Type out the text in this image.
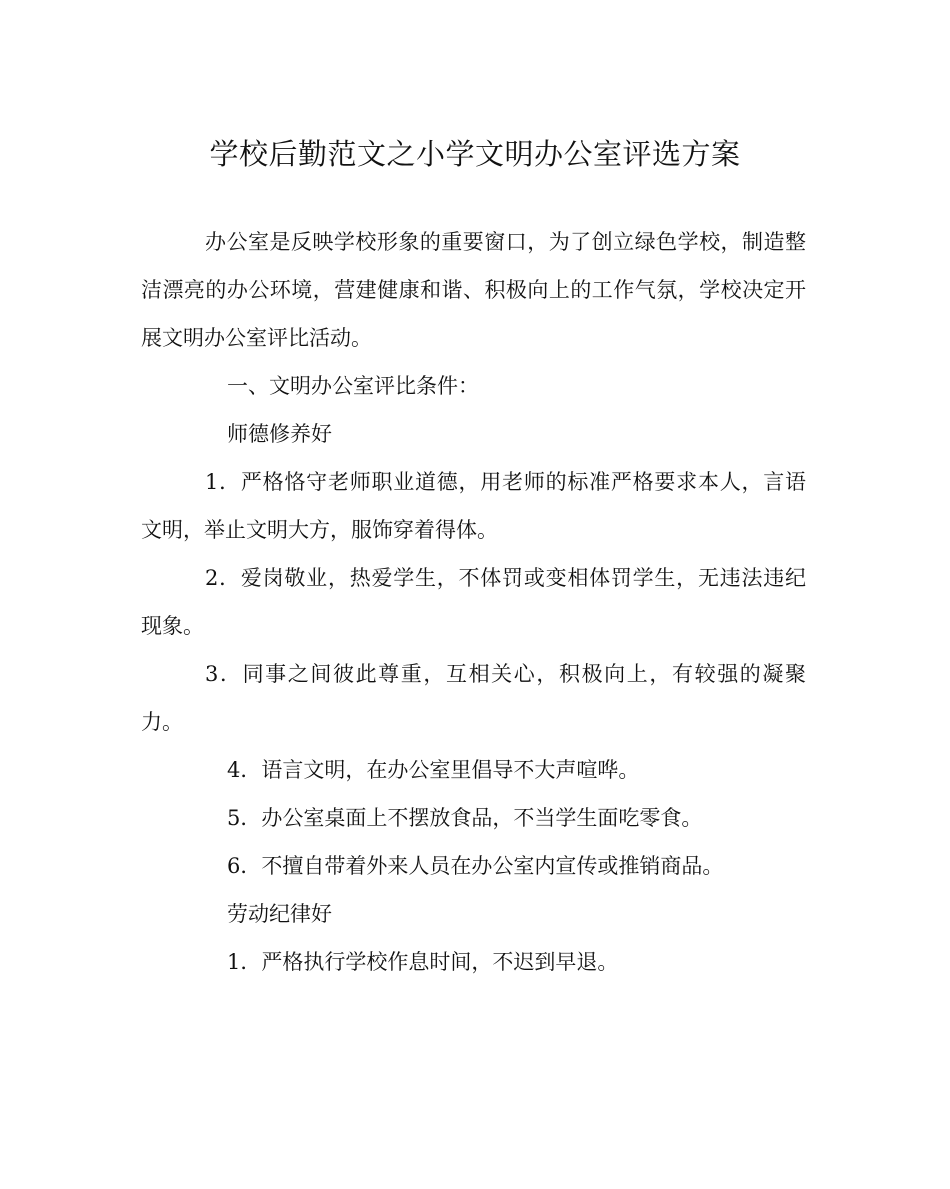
学校后勤范文之小学文明办公室评选方案

办公室是反映学校形象的重要窗口，为了创立绿色学校，制造整洁漂亮的办公环境，营建健康和谐、积极向上的工作气氛，学校决定开展文明办公室评比活动。

一、文明办公室评比条件：

师德修养好

1．严格恪守老师职业道德，用老师的标准严格要求本人，言语文明，举止文明大方，服饰穿着得体。

2．爱岗敬业，热爱学生，不体罚或变相体罚学生，无违法违纪现象。

3．同事之间彼此尊重，互相关心，积极向上，有较强的凝聚力。

4．语言文明，在办公室里倡导不大声喧哗。

5．办公室桌面上不摆放食品，不当学生面吃零食。

6．不擅自带着外来人员在办公室内宣传或推销商品。

劳动纪律好

1．严格执行学校作息时间，不迟到早退。
